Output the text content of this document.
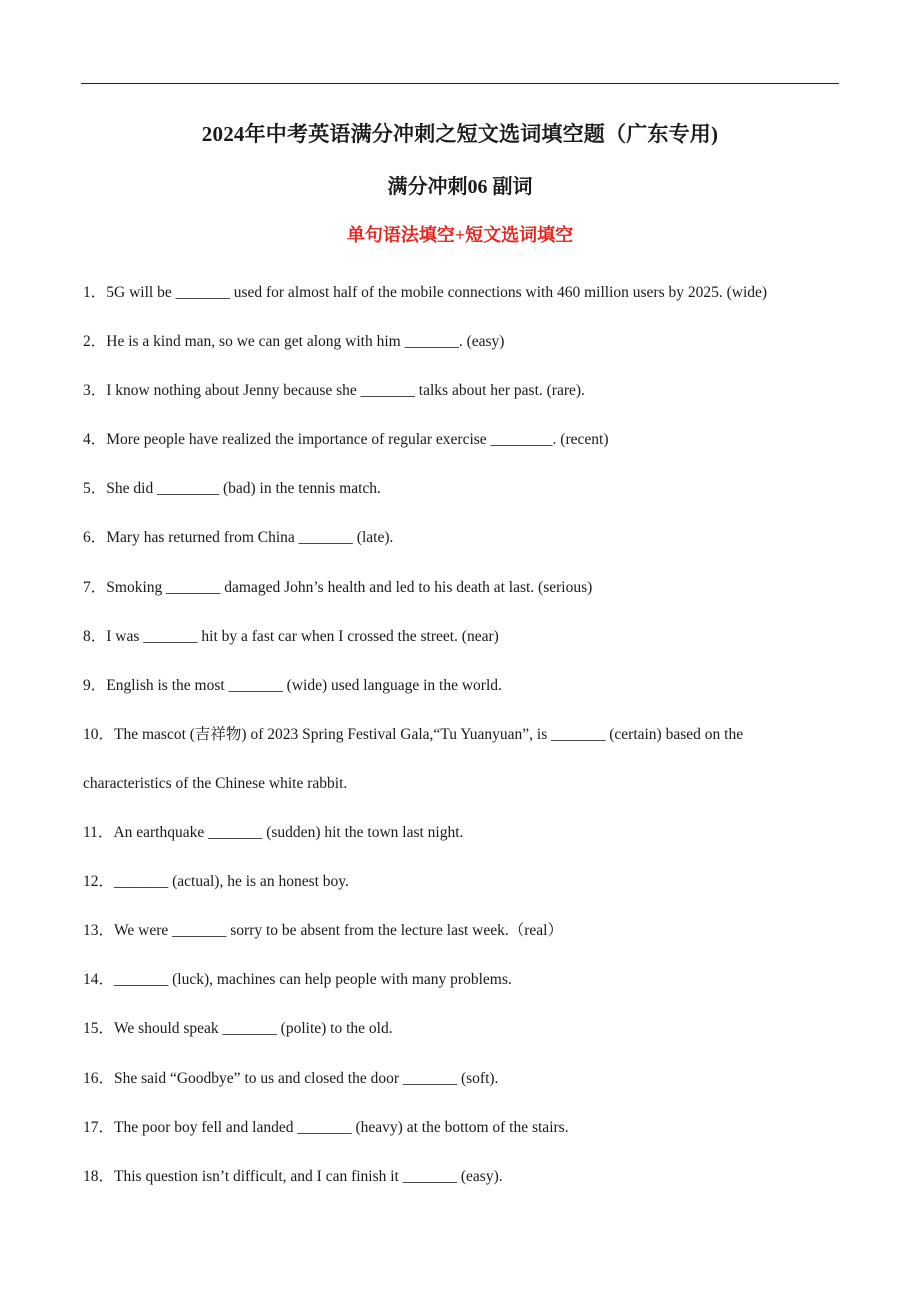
2024年中考英语满分冲刺之短文选词填空题（广东专用)
满分冲刺06 副词
单句语法填空+短文选词填空
1．5G will be _______ used for almost half of the mobile connections with 460 million users by 2025. (wide)
2．He is a kind man, so we can get along with him _______. (easy)
3．I know nothing about Jenny because she _______ talks about her past. (rare).
4．More people have realized the importance of regular exercise ________. (recent)
5．She did ________ (bad) in the tennis match.
6．Mary has returned from China _______ (late).
7．Smoking _______ damaged John’s health and led to his death at last. (serious)
8．I was _______ hit by a fast car when I crossed the street. (near)
9．English is the most _______ (wide) used language in the world.
10．The mascot (吉祥物) of 2023 Spring Festival Gala,“Tu Yuanyuan”, is _______ (certain) based on the characteristics of the Chinese white rabbit.
11．An earthquake _______ (sudden) hit the town last night.
12．_______ (actual), he is an honest boy.
13．We were _______ sorry to be absent from the lecture last week.（real）
14．_______ (luck), machines can help people with many problems.
15．We should speak _______ (polite) to the old.
16．She said “Goodbye” to us and closed the door _______ (soft).
17．The poor boy fell and landed _______ (heavy) at the bottom of the stairs.
18．This question isn’t difficult, and I can finish it _______ (easy).
